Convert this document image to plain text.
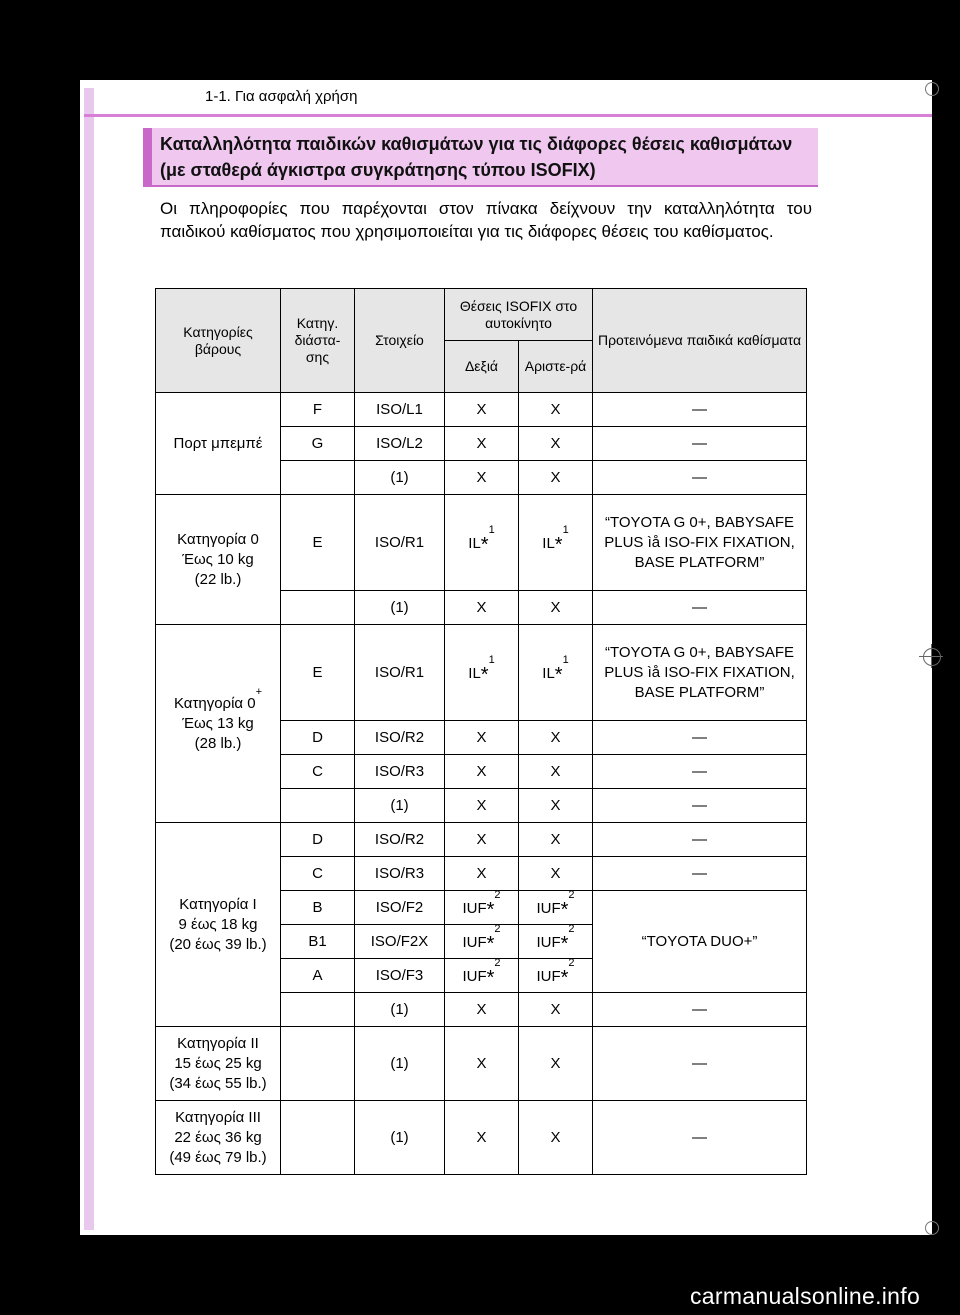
1-1. Για ασφαλή χρήση
Καταλληλότητα παιδικών καθισμάτων για τις διάφορες θέσεις καθισμάτων (με σταθερά άγκιστρα συγκράτησης τύπου ISOFIX)
Οι πληροφορίες που παρέχονται στον πίνακα δείχνουν την καταλληλότητα του παιδικού καθίσματος που χρησιμοποιείται για τις διάφορες θέσεις του καθίσματος.
Κατηγορίες βάρους	Κατηγ. διάστα-σης	Στοιχείο	Θέσεις ISOFIX στο αυτοκίνητο		Προτεινόμενα παιδικά καθίσματα
			Δεξιά	Αριστε-ρά	
Πορτ μπεμπέ	F	ISO/L1	X	X	—
	G	ISO/L2	X	X	—
		(1)	X	X	—
Κατηγορία 0
Έως 10 kg
(22 lb.)	E	ISO/R1	IL*$^1$	IL*$^1$	“TOYOTA G 0+, BABYSAFE PLUS ìå ISO-FIX FIXATION, BASE PLATFORM”
		(1)	X	X	—
Κατηγορία 0+
Έως 13 kg
(28 lb.)	E	ISO/R1	IL*$^1$	IL*$^1$	“TOYOTA G 0+, BABYSAFE PLUS ìå ISO-FIX FIXATION, BASE PLATFORM”
	D	ISO/R2	X	X	—
	C	ISO/R3	X	X	—
		(1)	X	X	—
Κατηγορία I
9 έως 18 kg
(20 έως 39 lb.)	D	ISO/R2	X	X	—
	C	ISO/R3	X	X	—
	B	ISO/F2	IUF*$^2$	IUF*$^2$	“TOYOTA DUO+”
	B1	ISO/F2X	IUF*$^2$	IUF*$^2$
	A	ISO/F3	IUF*$^2$	IUF*$^2$
		(1)	X	X	—
Κατηγορία II
15 έως 25 kg
(34 έως 55 lb.)		(1)	X	X	—
Κατηγορία III
22 έως 36 kg
(49 έως 79 lb.)		(1)	X	X	—
carmanualsonline.info
